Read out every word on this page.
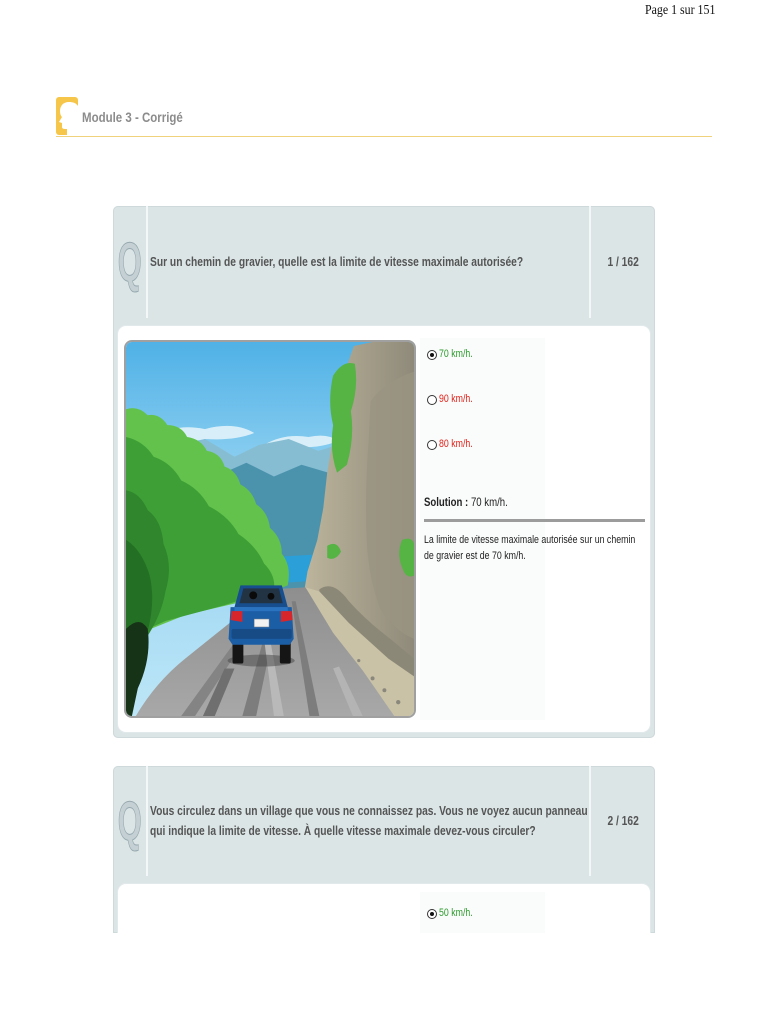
Page 1 sur 151
Module 3 - Corrigé
Q Sur un chemin de gravier, quelle est la limite de vitesse maximale autorisée?	1 / 162
70 km/h.
90 km/h.
80 km/h.
Solution : 70 km/h.
La limite de vitesse maximale autorisée sur un chemin de gravier est de 70 km/h.
Q Vous circulez dans un village que vous ne connaissez pas. Vous ne voyez aucun panneau qui indique la limite de vitesse. À quelle vitesse maximale devez-vous circuler?
2 / 162
50 km/h.
